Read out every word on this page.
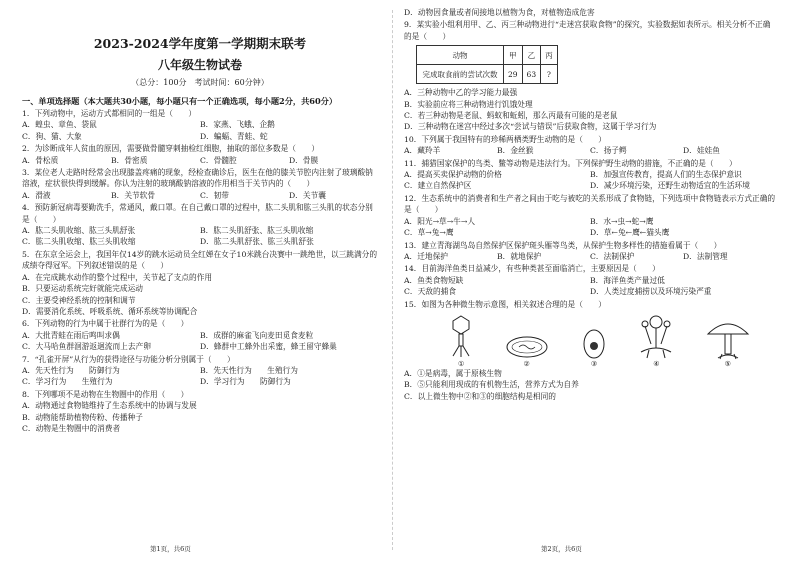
2023-2024学年度第一学期期末联考
八年级生物试卷
（总分：100分　考试时间：60分钟）
一、单项选择题（本大题共30小题，每小题只有一个正确选项，每小题2分，共60分）
1．下列动物中，运动方式都相同的一组是（　　）
A．蝗虫、章鱼、袋鼠	B．家燕、飞蛾、企鹅
C．狗、猫、大象	D．蝙蝠、青蛙、蛇
2．为诊断成年人贫血的原因，需要做骨髓穿刺抽检红细胞，抽取的部位多数是（　　）
A．骨松质	B．骨密质	C．骨髓腔	D．骨膜
3．某位老人走路时经常会出现膝盖疼痛的现象，经检查确诊后，医生在他的膝关节腔内注射了玻璃酸钠溶液，症状很快得到缓解。你认为注射的玻璃酸钠溶液的作用相当于关节内的（　　）
A．滑液	B．关节软骨	C．韧带	D．关节囊
4．预防新冠病毒要勤洗手，常通风，戴口罩。在自己戴口罩的过程中，肱二头肌和肱三头肌的状态分别是（　　）
A．肱二头肌收缩、肱三头肌舒张	B．肱二头肌舒张、肱三头肌收缩
C．肱二头肌收缩、肱三头肌收缩	D．肱二头肌舒张、肱三头肌舒张
5．在东京全运会上，我国年仅14岁的跳水运动员全红婵在女子10米跳台决赛中一跳绝世，以三跳满分的成绩夺得冠军。下列叙述错误的是（　　）
A．在完成跳水动作的整个过程中，关节起了支点的作用
B．只要运动系统完好就能完成运动
C．主要受神经系统的控制和调节
D．需要消化系统、呼吸系统、循环系统等协调配合
6．下列动物的行为中属于社群行为的是（　　）
A．大批青蛙在雨后鸣叫求偶	B．成群的麻雀飞向麦田觅食麦粒
C．大马哈鱼群洄游返迴流而上去产卵	D．蜂群中工蜂外出采蜜，蜂王留守蜂巢
7．“孔雀开屏”从行为的获得途径与功能分析分别属于（　　）
A．先天性行为　　防御行为	B．先天性行为　　生殖行为
C．学习行为　　生殖行为	D．学习行为　　防御行为
8．下列哪项不是动物在生物圈中的作用（　　）
A．动物通过食物链维持了生态系统中的协调与发展
B．动物能帮助植物传粉、传播种子
C．动物是生物圈中的消费者
第1页，共6页
D．动物因食量或者间接地以植物为食，对植物造成危害
9．某实验小组利用甲、乙、丙三种动物进行“走迷宫获取食物”的探究，实验数据如表所示。相关分析不正确的是（　　）
动物	甲	乙	丙
完成取食前的尝试次数	29	63	?
A．三种动物中乙的学习能力最强
B．实验前应将三种动物进行饥饿处理
C．若三种动物是老鼠、蚂蚁和蚯蚓，那么丙最有可能的是老鼠
D．三种动物在迷宫中经过多次“尝试与错误”后获取食物，这属于学习行为
10．下列属于我国特有的珍稀两栖类野生动物的是（　　）
A．藏羚羊	B．金丝猴	C．扬子鳄	D．娃娃鱼
11．捕猎国家保护的鸟类、鳖等动物是违法行为。下列保护野生动物的措施，不正确的是（　　）
A．提高买卖保护动物的价格	B．加强宣传教育，提高人们的生态保护意识
C．建立自然保护区	D．减少环境污染，还野生动物适宜的生活环境
12．生态系统中的消费者和生产者之间由于吃与被吃的关系形成了食物链，下列选项中食物链表示方式正确的是（　　）
A．阳光→草→牛→人	B．水→虫→蛇→鹰
C．草→兔→鹰	D．草←兔←鹰←猫头鹰
13．建立青海湖鸟岛自然保护区保护斑头雁等鸟类，从保护生物多样性的措施看属于（　　）
A．迁地保护	B．就地保护	C．法制保护	D．法制管理
14．目前海洋鱼类日益减少，有些种类甚至面临消亡，主要原因是（　　）
A．鱼类食物短缺	B．海洋鱼类产量过低
C．天敌的捕食	D．人类过度捕捞以及环境污染严重
15．如图为各种微生物示意图，相关叙述合理的是（　　）
①	②	③	④	⑤
A．①是病毒，属于原核生物
B．⑤只能利用现成的有机物生活，营养方式为自养
C．以上微生物中②和③的细胞结构是相同的
第2页，共6页
